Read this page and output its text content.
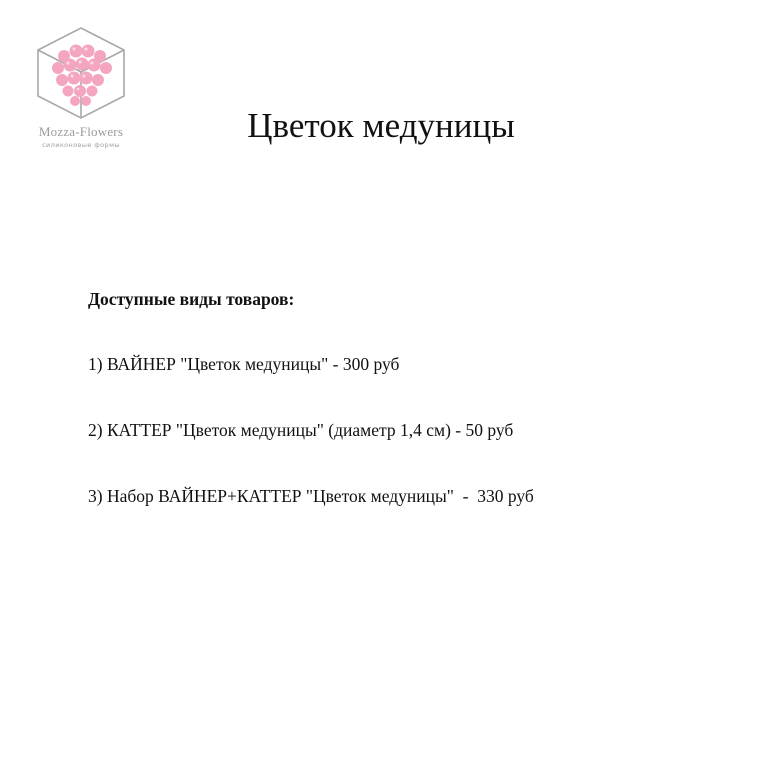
Mozza-Flowers
силиконовые формы	Цветок медуницы

Доступные виды товаров:

1) ВАЙНЕР "Цветок медуницы" - 300 руб
2) КАТТЕР "Цветок медуницы" (диаметр 1,4 см) - 50 руб
3) Набор ВАЙНЕР+КАТТЕР "Цветок медуницы"  -  330 руб
